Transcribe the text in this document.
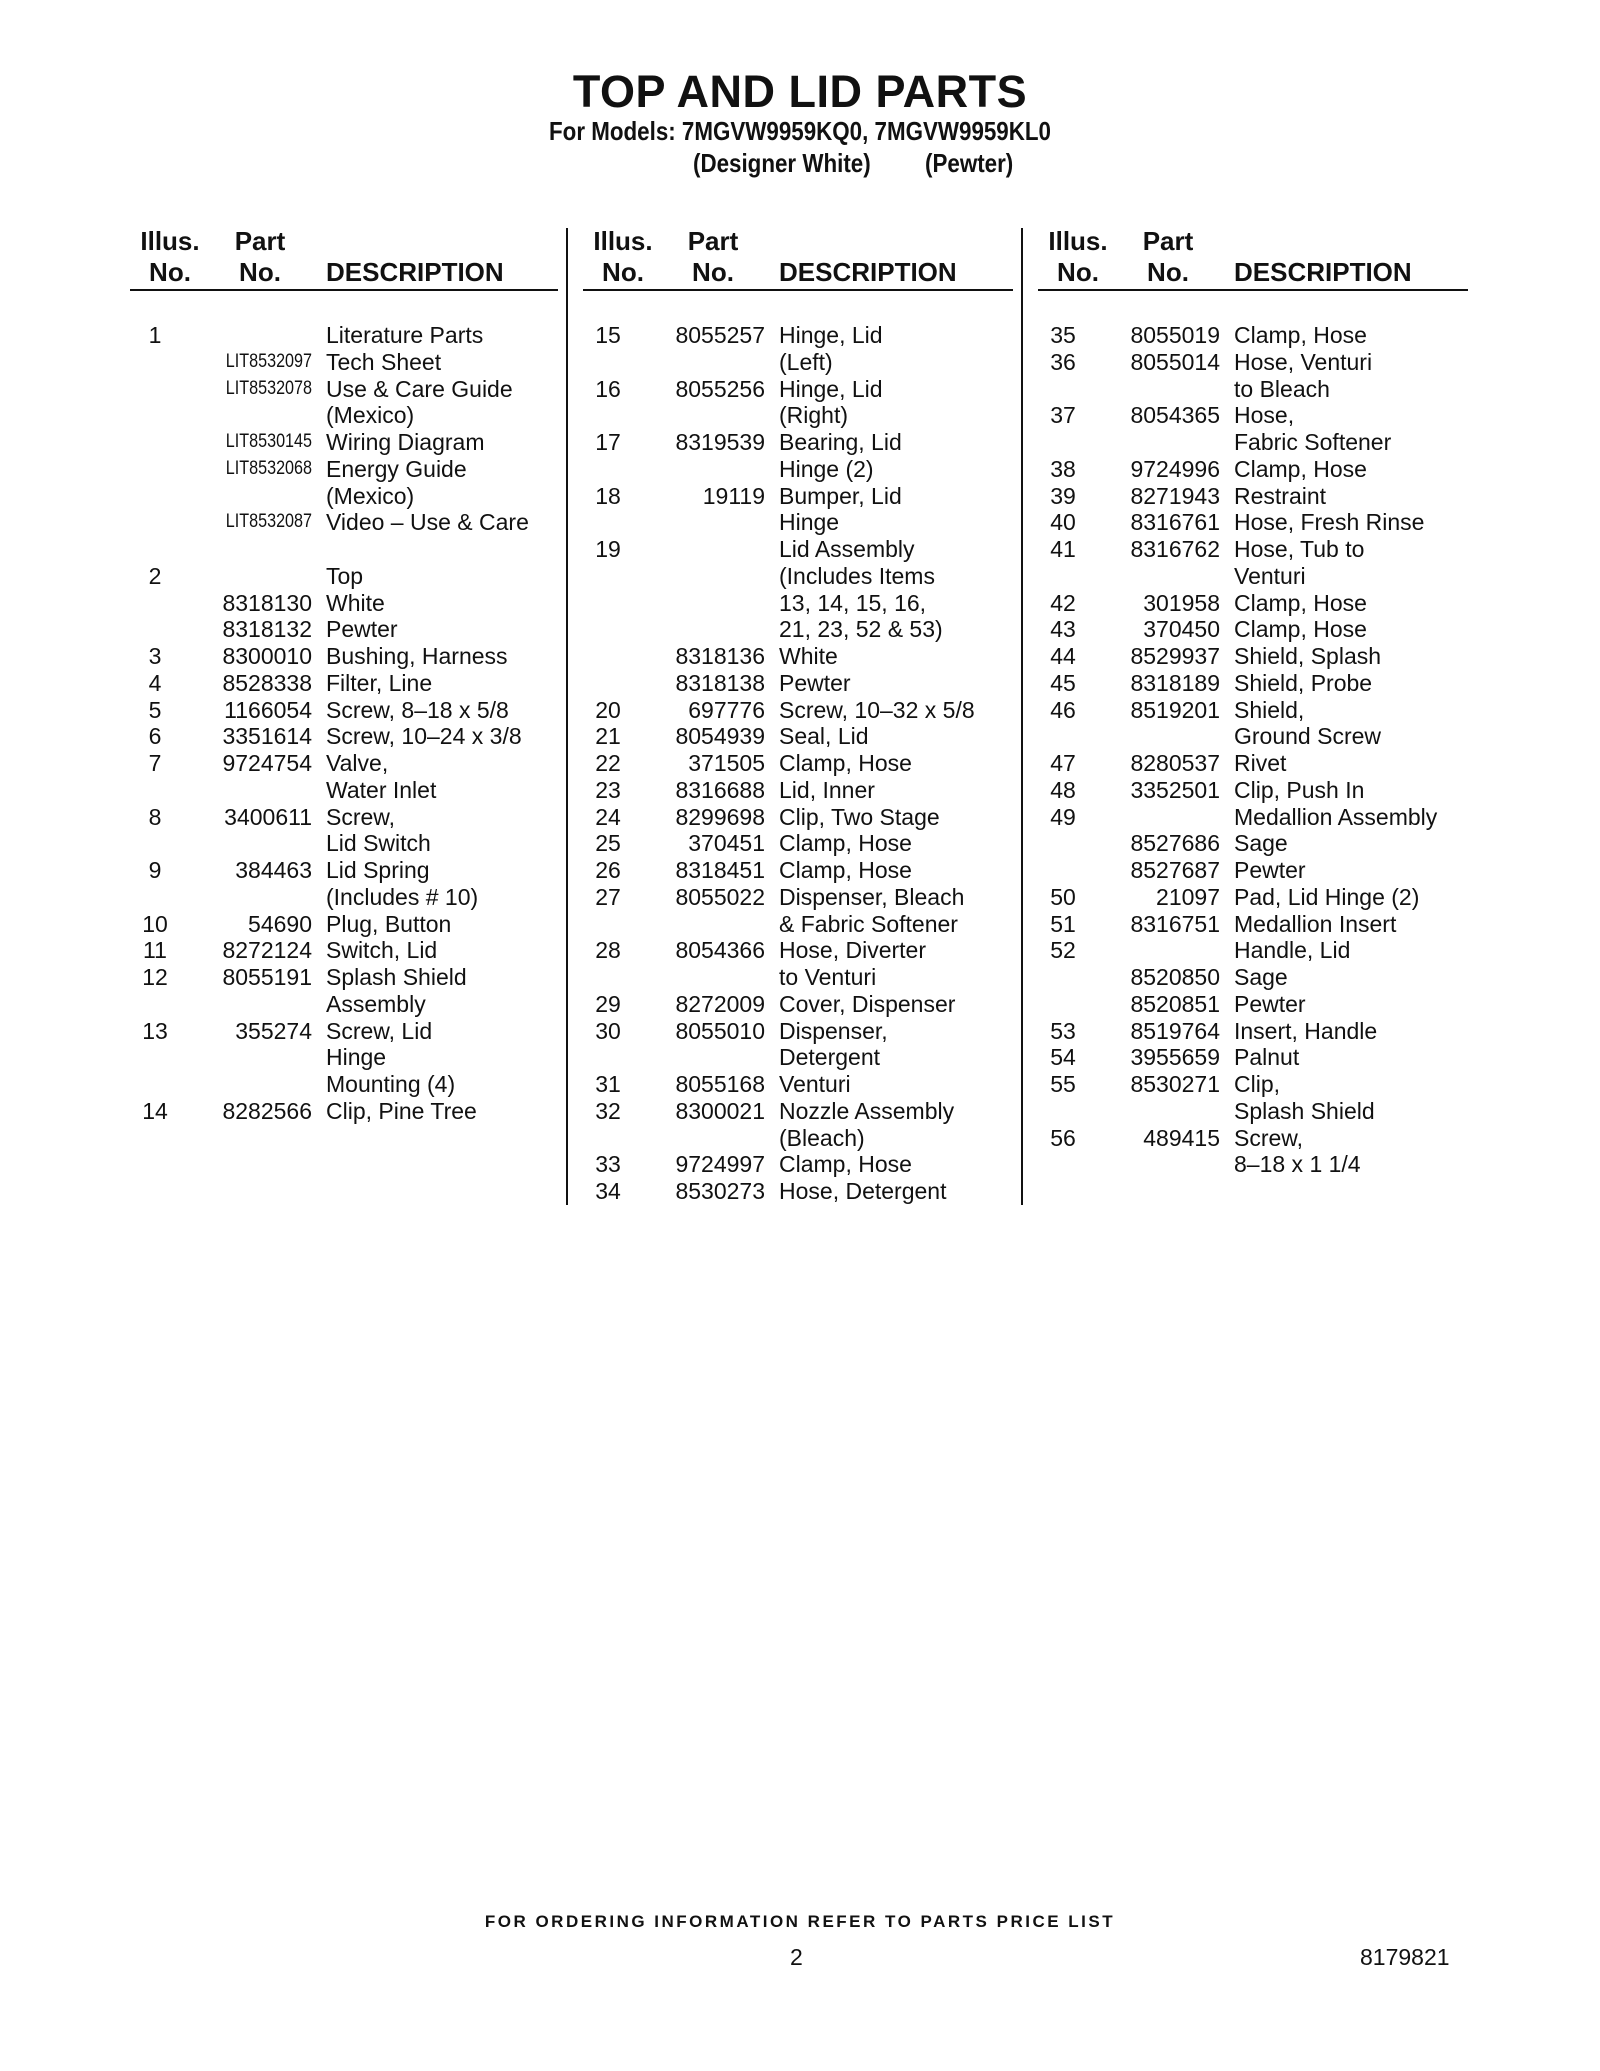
TOP AND LID PARTS
For Models: 7MGVW9959KQ0, 7MGVW9959KL0
(Designer White) (Pewter)
Illus.
No.
Part
No.	DESCRIPTION
1	Literature Parts
LIT8532097 Tech Sheet
LIT8532078 Use & Care Guide
(Mexico)
LIT8530145 Wiring Diagram
LIT8532068 Energy Guide
(Mexico)
LIT8532087 Video – Use & Care
2	Top
8318130 White
8318132 Pewter
3	8300010 Bushing, Harness
4	8528338 Filter, Line
5	1166054 Screw, 8–18 x 5/8
6	3351614 Screw, 10–24 x 3/8
7	9724754 Valve,
Water Inlet
8	3400611 Screw,
Lid Switch
9	384463 Lid Spring
(Includes # 10)
10	54690 Plug, Button
11	8272124 Switch, Lid
12	8055191 Splash Shield
Assembly
13	355274 Screw, Lid
Hinge
Mounting (4)
14	8282566 Clip, Pine Tree
Illus.
No.
Part
No.	DESCRIPTION
15	8055257 Hinge, Lid
(Left)
16	8055256 Hinge, Lid
(Right)
17	8319539 Bearing, Lid
Hinge (2)
18	19119 Bumper, Lid
Hinge
19	Lid Assembly
(Includes Items
13, 14, 15, 16,
21, 23, 52 & 53)
8318136 White
8318138 Pewter
20	697776 Screw, 10–32 x 5/8
21	8054939 Seal, Lid
22	371505 Clamp, Hose
23	8316688 Lid, Inner
24	8299698 Clip, Two Stage
25	370451 Clamp, Hose
26	8318451 Clamp, Hose
27	8055022 Dispenser, Bleach
& Fabric Softener
28	8054366 Hose, Diverter
to Venturi
29	8272009 Cover, Dispenser
30	8055010 Dispenser,
Detergent
31	8055168 Venturi
32	8300021 Nozzle Assembly
(Bleach)
33	9724997 Clamp, Hose
34	8530273 Hose, Detergent
Illus.
No.
Part
No.	DESCRIPTION
35	8055019 Clamp, Hose
36	8055014 Hose, Venturi
to Bleach
37	8054365 Hose,
Fabric Softener
38	9724996 Clamp, Hose
39	8271943 Restraint
40	8316761 Hose, Fresh Rinse
41	8316762 Hose, Tub to
Venturi
42	301958 Clamp, Hose
43	370450 Clamp, Hose
44	8529937 Shield, Splash
45	8318189 Shield, Probe
46	8519201 Shield,
Ground Screw
47	8280537 Rivet
48	3352501 Clip, Push In
49	Medallion Assembly
8527686 Sage
8527687 Pewter
50	21097 Pad, Lid Hinge (2)
51	8316751 Medallion Insert
52	Handle, Lid
8520850 Sage
8520851 Pewter
53	8519764 Insert, Handle
54	3955659 Palnut
55	8530271 Clip,
Splash Shield
56	489415 Screw,
8–18 x 1 1/4
FOR ORDERING INFORMATION REFER TO PARTS PRICE LIST
2	8179821
